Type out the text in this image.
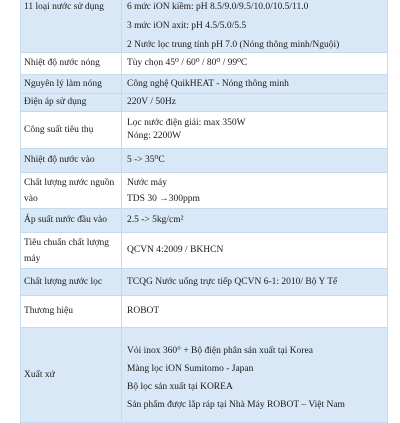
11 loại nước sử dụng	6 mức iON kiềm: pH 8.5/9.0/9.5/10.0/10.5/11.0
3 mức iON axit: pH 4.5/5.0/5.5
2 Nước lọc trung tính pH 7.0 (Nóng thông minh/Nguội)

Nhiệt độ nước nóng	Tùy chọn 45⁰ / 60⁰ / 80⁰ / 99⁰C

Nguyên lý làm nóng	Công nghệ QuikHEAT - Nóng thông minh

Điện áp sử dụng	220V / 50Hz

Công suất tiêu thụ	Lọc nước điện giải: max 350W
Nóng: 2200W

Nhiệt độ nước vào	5 -> 35⁰C

Chất lượng nước nguồn
vào	Nước máy
TDS 30 →300ppm

Áp suất nước đầu vào	2.5 -> 5kg/cm²

Tiêu chuẩn chất lượng
máy	QCVN 4:2009 / BKHCN

Chất lượng nước lọc	TCQG Nước uống trực tiếp QCVN 6-1: 2010/ Bộ Y Tế

Thương hiệu	ROBOT

Xuất xứ	Vỏi inox 360° + Bộ điện phân sản xuất tại Korea
Màng lọc iON Sumitomo - Japan
Bộ lọc sản xuất tại KOREA
Sản phẩm được lắp ráp tại Nhà Máy ROBOT – Việt Nam
